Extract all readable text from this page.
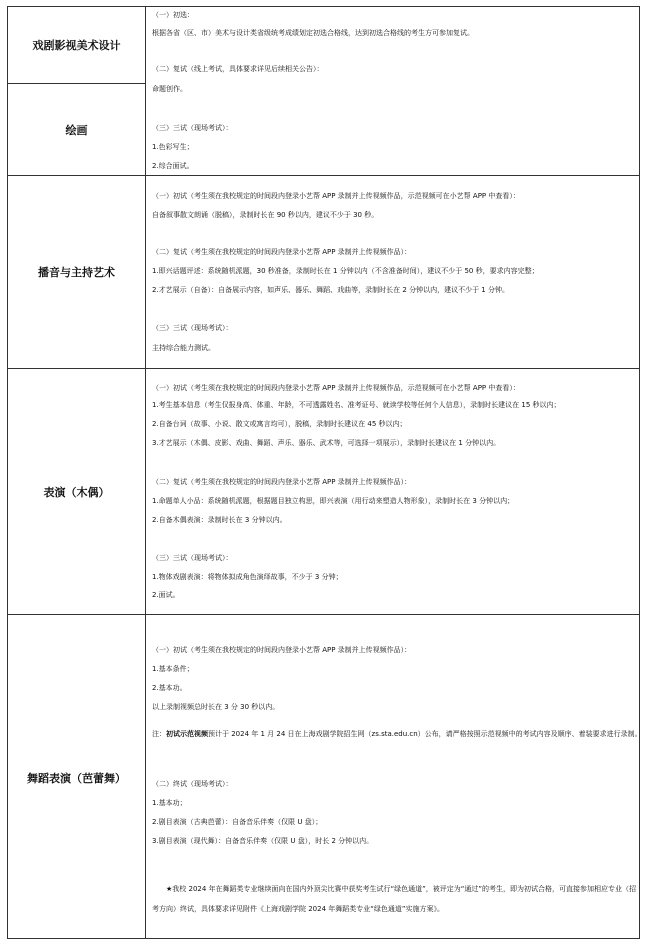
戏剧影视美术设计
绘画
播音与主持艺术
表演（木偶）
舞蹈表演（芭蕾舞）
（一）初选：
根据各省（区、市）美术与设计类省级统考成绩划定初选合格线，达到初选合格线的考生方可参加复试。
（二）复试（线上考试，具体要求详见后续相关公告）：
命题创作。
（三）三试（现场考试）：
1.色彩写生；
2.综合面试。
（一）初试（考生须在我校规定的时间段内登录小艺帮 APP 录制并上传视频作品，示范视频可在小艺帮 APP 中查看）：
自备叙事散文朗诵（脱稿），录制时长在 90 秒以内，建议不少于 30 秒。
（二）复试（考生须在我校规定的时间段内登录小艺帮 APP 录制并上传视频作品）：
1.即兴话题评述：系统随机派题，30 秒准备，录制时长在 1 分钟以内（不含准备时间），建议不少于 50 秒，要求内容完整；
2.才艺展示（自备）：自备展示内容，如声乐、器乐、舞蹈、戏曲等，录制时长在 2 分钟以内，建议不少于 1 分钟。
（三）三试（现场考试）：
主持综合能力测试。
（一）初试（考生须在我校规定的时间段内登录小艺帮 APP 录制并上传视频作品，示范视频可在小艺帮 APP 中查看）：
1.考生基本信息（考生仅报身高、体重、年龄，不可透露姓名、准考证号、就读学校等任何个人信息），录制时长建议在 15 秒以内；
2.自备台词（故事、小说、散文或寓言均可），脱稿，录制时长建议在 45 秒以内；
3.才艺展示（木偶、皮影、戏曲、舞蹈、声乐、器乐、武术等，可选择一项展示），录制时长建议在 1 分钟以内。
（二）复试（考生须在我校规定的时间段内登录小艺帮 APP 录制并上传视频作品）：
1.命题单人小品：系统随机派题，根据题目独立构思，即兴表演（用行动来塑造人物形象），录制时长在 3 分钟以内；
2.自备木偶表演：录制时长在 3 分钟以内。
（三）三试（现场考试）：
1.物体戏剧表演：将物体拟成角色演绎故事，不少于 3 分钟；
2.面试。
（一）初试（考生须在我校规定的时间段内登录小艺帮 APP 录制并上传视频作品）：
1.基本条件；
2.基本功。
以上录制视频总时长在 3 分 30 秒以内。
注：初试示范视频预计于 2024 年 1 月 24 日在上海戏剧学院招生网（zs.sta.edu.cn）公布，请严格按照示范视频中的考试内容及顺序、着装要求进行录制。
（二）终试（现场考试）：
1.基本功；
2.剧目表演（古典芭蕾）：自备音乐伴奏（仅限 U 盘）；
3.剧目表演（现代舞）：自备音乐伴奏（仅限 U 盘），时长 2 分钟以内。
★我校 2024 年在舞蹈类专业继续面向在国内外顶尖比赛中获奖考生试行“绿色通道”，被评定为“通过”的考生，即为初试合格，可直接参加相应专业（招考方向）终试，具体要求详见附件《上海戏剧学院 2024 年舞蹈类专业“绿色通道”实施方案》。
